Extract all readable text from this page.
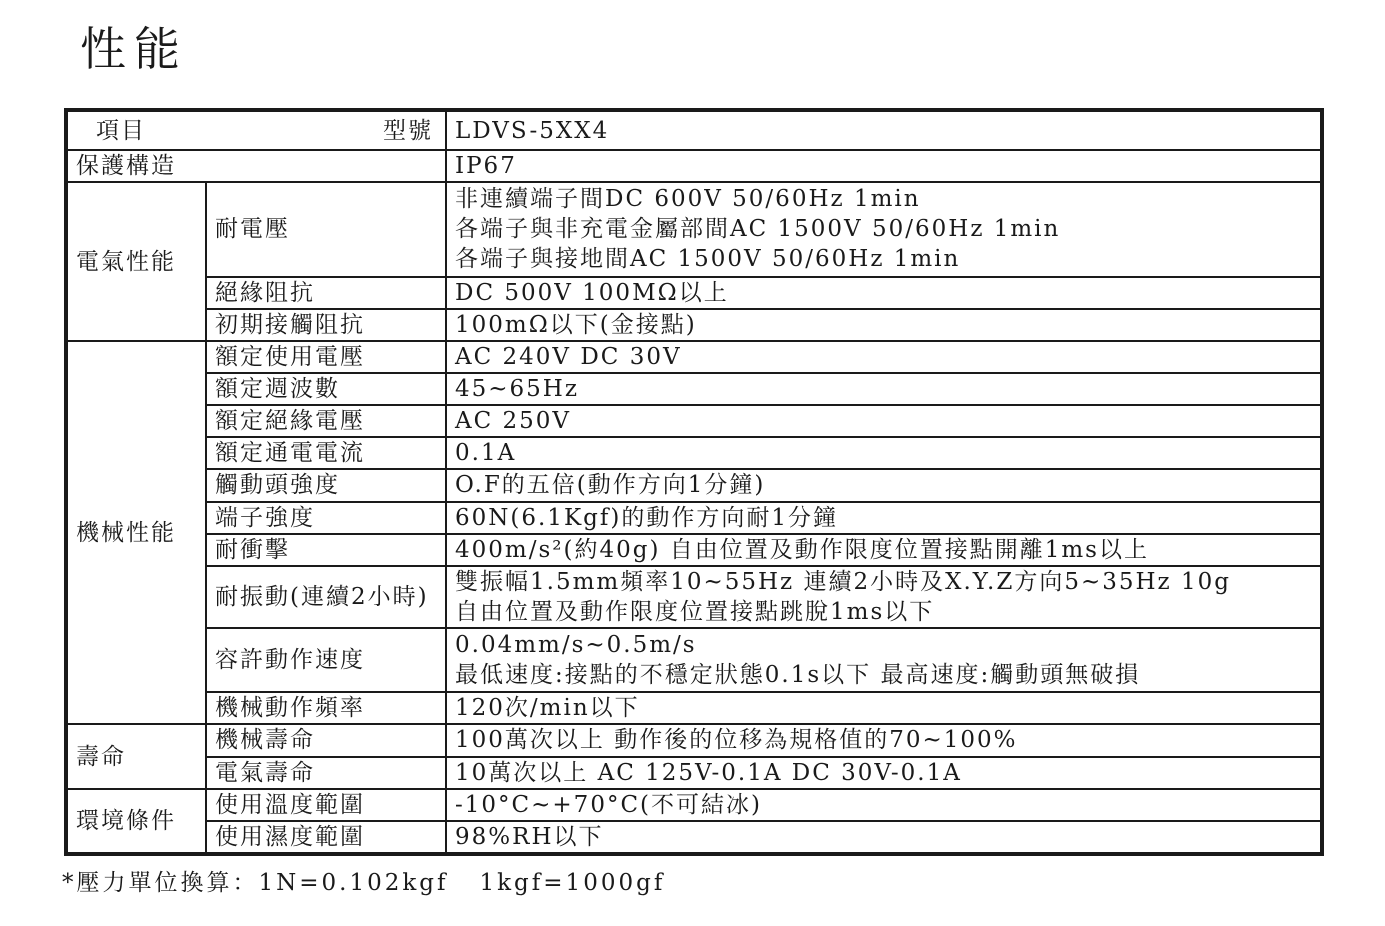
性能
項目 型號		LDVS-5XX4
保護構造		IP67
電氣性能	耐電壓	非連續端子間DC 600V 50/60Hz 1min
各端子與非充電金屬部間AC 1500V 50/60Hz 1min
各端子與接地間AC 1500V 50/60Hz 1min

	絕緣阻抗	DC 500V 100MΩ以上

	初期接觸阻抗	100mΩ以下(金接點)

機械性能	額定使用電壓	AC 240V DC 30V

	額定週波數	45~65Hz

	額定絕緣電壓	AC 250V

	額定通電電流	0.1A

	觸動頭強度	O.F的五倍(動作方向1分鐘)

	端子強度	60N(6.1Kgf)的動作方向耐1分鐘

	耐衝擊	400m/s²(約40g) 自由位置及動作限度位置接點開離1ms以上

	耐振動(連續2小時)	雙振幅1.5mm頻率10~55Hz 連續2小時及X.Y.Z方向5~35Hz 10g
自由位置及動作限度位置接點跳脫1ms以下

	容許動作速度	0.04mm/s~0.5m/s
最低速度:接點的不穩定狀態0.1s以下 最高速度:觸動頭無破損

	機械動作頻率	120次/min以下

壽命	機械壽命	100萬次以上 動作後的位移為規格值的70~100%

	電氣壽命	10萬次以上 AC 125V-0.1A DC 30V-0.1A

環境條件	使用溫度範圍	-10°C~+70°C(不可結冰)

	使用濕度範圍	98%RH以下
*壓力單位換算：1N=0.102kgf   1kgf=1000gf
